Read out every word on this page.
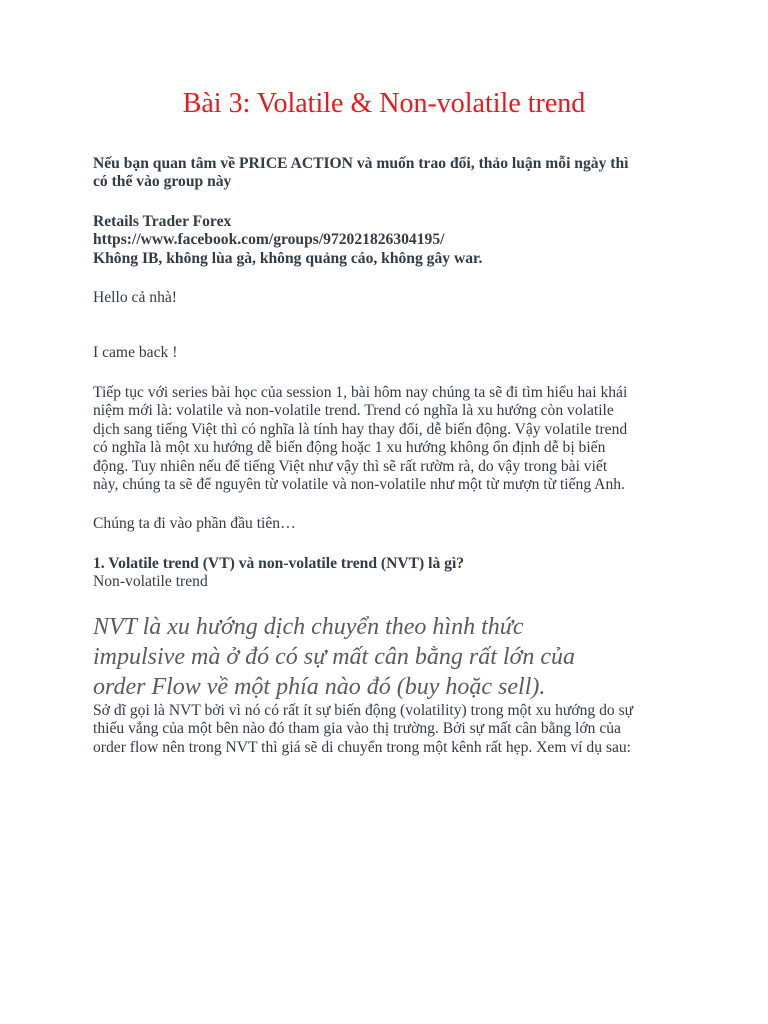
Bài 3: Volatile & Non-volatile trend

Nếu bạn quan tâm về PRICE ACTION và muốn trao đổi, thảo luận mỗi ngày thì
có thể vào group này

Retails Trader Forex
https://www.facebook.com/groups/972021826304195/
Không IB, không lùa gà, không quảng cáo, không gây war.

Hello cả nhà!

I came back !

Tiếp tục với series bài học của session 1, bài hôm nay chúng ta sẽ đi tìm hiểu hai khái
niệm mới là: volatile và non-volatile trend. Trend có nghĩa là xu hướng còn volatile
dịch sang tiếng Việt thì có nghĩa là tính hay thay đổi, dễ biến động. Vậy volatile trend
có nghĩa là một xu hướng dễ biến động hoặc 1 xu hướng không ổn định dễ bị biến
động. Tuy nhiên nếu để tiếng Việt như vậy thì sẽ rất rườm rà, do vậy trong bài viết
này, chúng ta sẽ để nguyên từ volatile và non-volatile như một từ mượn từ tiếng Anh.

Chúng ta đi vào phần đầu tiên…

1. Volatile trend (VT) và non-volatile trend (NVT) là gì?
Non-volatile trend

NVT là xu hướng dịch chuyển theo hình thức
impulsive mà ở đó có sự mất cân bằng rất lớn của
order Flow về một phía nào đó (buy hoặc sell).

Sở dĩ gọi là NVT bởi vì nó có rất ít sự biến động (volatility) trong một xu hướng do sự
thiếu vắng của một bên nào đó tham gia vào thị trường. Bởi sự mất cân bằng lớn của
order flow nên trong NVT thì giá sẽ di chuyển trong một kênh rất hẹp. Xem ví dụ sau:
